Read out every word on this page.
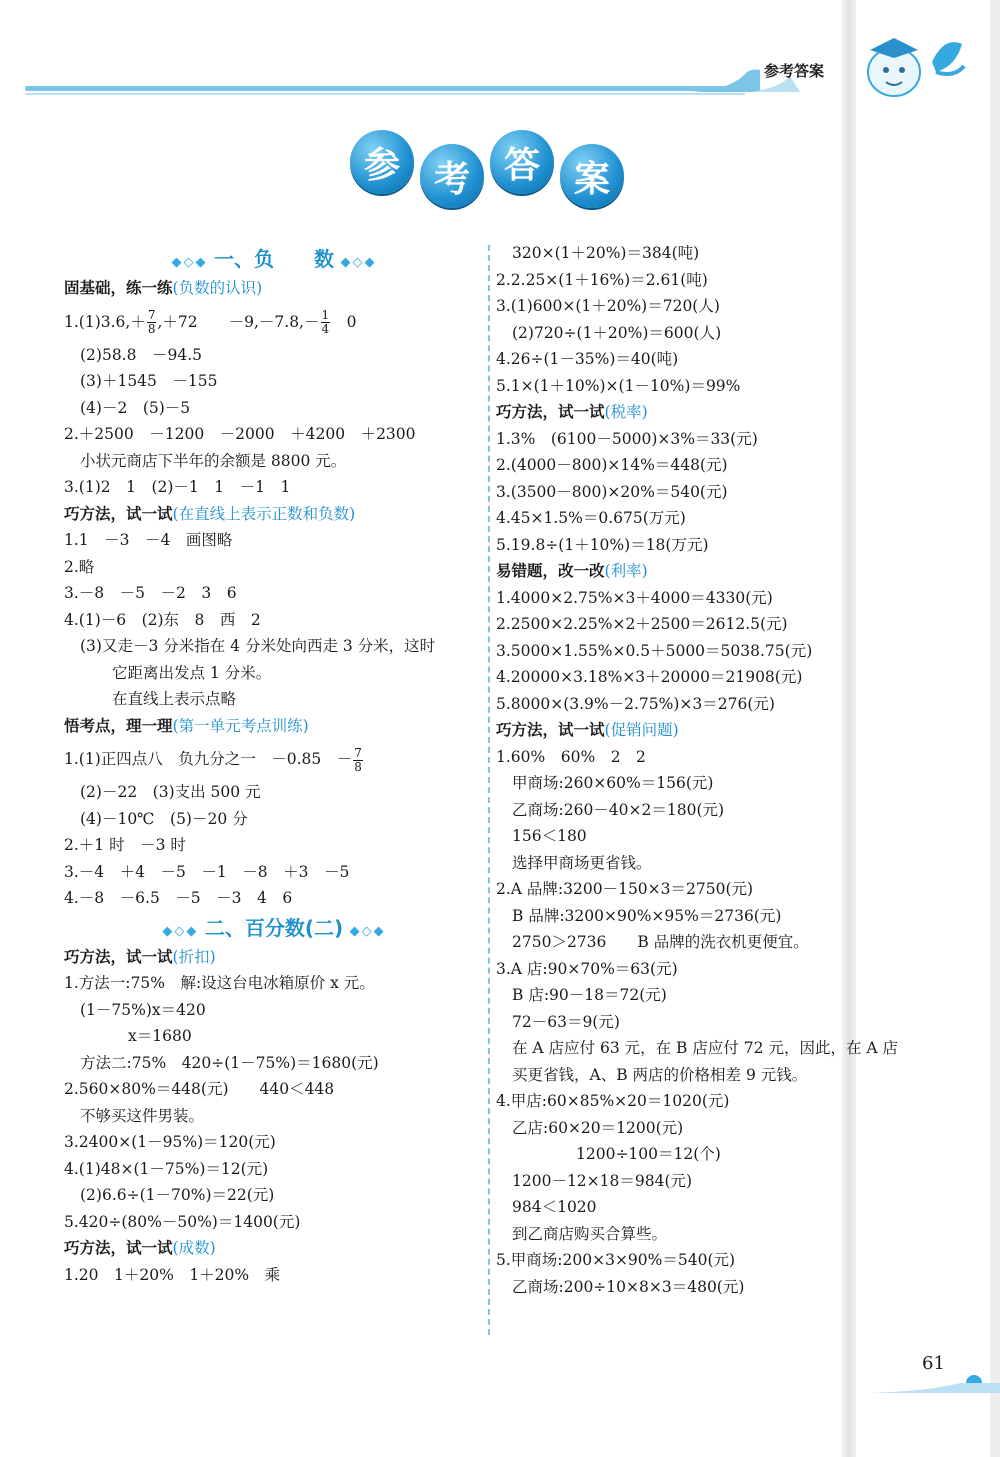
参考答案
参 考 答 案
◆◇◆ 一、负　　数 ◆◇◆
固基础，练一练(负数的认识)
$1.(1)3.6,+ \frac{7}{8} ,+72$　　$-9,-7.8,- \frac{1}{4}$ 　0
(2)58.8　－94.5
(3)＋1545　－155
(4)－2　(5)－5
2.＋2500　－1200　－2000　＋4200　＋2300
小状元商店下半年的余额是 8800 元。
3.(1)2　1　(2)－1　1　－1　1
巧方法，试一试(在直线上表示正数和负数)
1.1　－3　－4　画图略
2.略
3.－8　－5　－2　3　6
4.(1)－6　(2)东　8　西　2
(3)又走－3 分米指在 4 分米处向西走 3 分米，这时
它距离出发点 1 分米。
在直线上表示点略
悟考点，理一理(第一单元考点训练)
1.(1)正四点八　负九分之一　－0.85　－ $\frac{7}{8}$
(2)－22　(3)支出 500 元
(4)－10℃　(5)－20 分
2.＋1 时　－3 时
3.－4　＋4　－5　－1　－8　＋3　－5
4.－8　－6.5　－5　－3　4　6
◆◇◆ 二、百分数(二) ◆◇◆
巧方法，试一试(折扣)
1.方法一:75%　解:设这台电冰箱原价 x 元。
(1－75%)x＝420
x＝1680
方法二:75%　420÷(1－75%)＝1680(元)
2.560×80%＝448(元)　　440＜448
不够买这件男装。
3.2400×(1－95%)＝120(元)
4.(1)48×(1－75%)＝12(元)
(2)6.6÷(1－70%)＝22(元)
5.420÷(80%－50%)＝1400(元)
巧方法，试一试(成数)
1.20　1＋20%　1＋20%　乘
320×(1＋20%)＝384(吨)
2.2.25×(1＋16%)＝2.61(吨)
3.(1)600×(1＋20%)＝720(人)
(2)720÷(1＋20%)＝600(人)
4.26÷(1－35%)＝40(吨)
5.1×(1＋10%)×(1－10%)＝99%
巧方法，试一试(税率)
1.3%　(6100－5000)×3%＝33(元)
2.(4000－800)×14%＝448(元)
3.(3500－800)×20%＝540(元)
4.45×1.5%＝0.675(万元)
5.19.8÷(1＋10%)＝18(万元)
易错题，改一改(利率)
1.4000×2.75%×3＋4000＝4330(元)
2.2500×2.25%×2＋2500＝2612.5(元)
3.5000×1.55%×0.5＋5000＝5038.75(元)
4.20000×3.18%×3＋20000＝21908(元)
5.8000×(3.9%－2.75%)×3＝276(元)
巧方法，试一试(促销问题)
1.60%　60%　2　2
甲商场:260×60%＝156(元)
乙商场:260－40×2＝180(元)
156＜180
选择甲商场更省钱。
2.A 品牌:3200－150×3＝2750(元)
B 品牌:3200×90%×95%＝2736(元)
2750＞2736　　B 品牌的洗衣机更便宜。
3.A 店:90×70%＝63(元)
B 店:90－18＝72(元)
72－63＝9(元)
在 A 店应付 63 元，在 B 店应付 72 元，因此，在 A 店
买更省钱，A、B 两店的价格相差 9 元钱。
4.甲店:60×85%×20＝1020(元)
乙店:60×20＝1200(元)
1200÷100＝12(个)
1200－12×18＝984(元)
984＜1020
到乙商店购买合算些。
5.甲商场:200×3×90%＝540(元)
乙商场:200÷10×8×3＝480(元)
61
